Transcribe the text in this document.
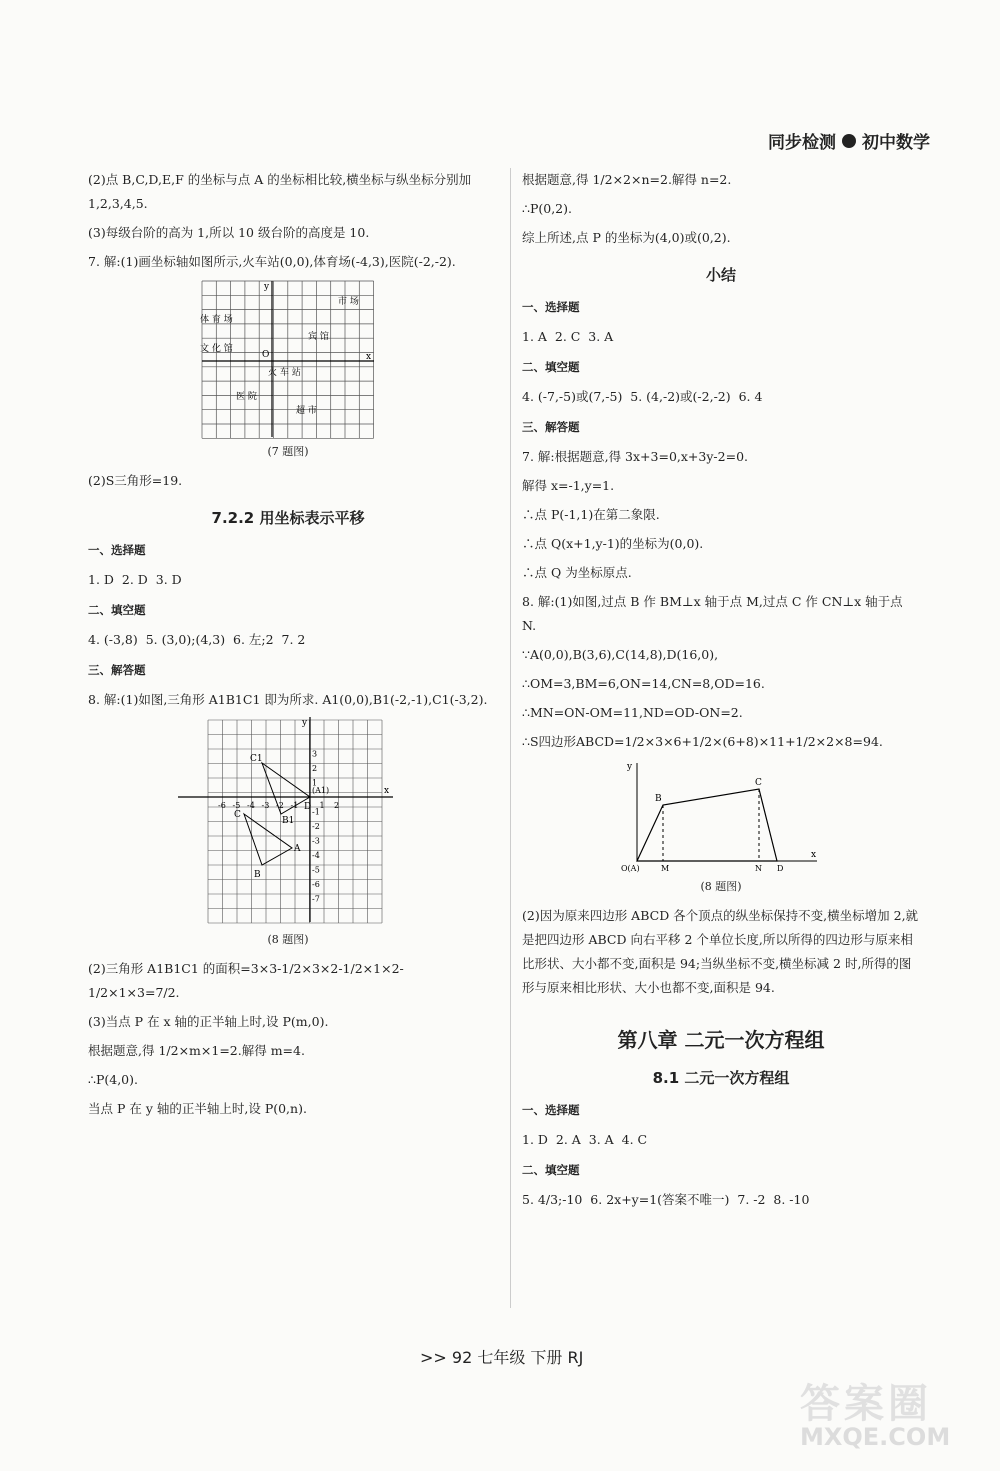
同步检测 初中数学

(2)点 B,C,D,E,F 的坐标与点 A 的坐标相比较,横坐标与纵坐标分别加 1,2,3,4,5.

(3)每级台阶的高为 1,所以 10 级台阶的高度是 10.

7. 解:(1)画坐标轴如图所示,火车站(0,0),体育场(-4,3),医院(-2,-2).

x
y
O
市 场
体 育 场
宾 馆
文 化 馆
火 车 站
医 院
超 市
(7 题图)

(2)S三角形=19.

7.2.2 用坐标表示平移
一、选择题

1. D  2. D  3. D

二、填空题

4. (-3,8)  5. (3,0);(4,3)  6. 左;2  7. 2

三、解答题

8. 解:(1)如图,三角形 A1B1C1 即为所求. A1(0,0),B1(-2,-1),C1(-3,2).

x
y
C1
B1
(A1)
D
C
A
B
-6 -5 -4 -3 -2 -1	1 2
3
2
1
-1
-2
-3
-4
-5
-6
-7
(8 题图)

(2)三角形 A1B1C1 的面积=3×3-1/2×3×2-1/2×1×2-1/2×1×3=7/2.

(3)当点 P 在 x 轴的正半轴上时,设 P(m,0).

根据题意,得 1/2×m×1=2.解得 m=4.

∴P(4,0).

当点 P 在 y 轴的正半轴上时,设 P(0,n).

根据题意,得 1/2×2×n=2.解得 n=2.

∴P(0,2).

综上所述,点 P 的坐标为(4,0)或(0,2).

小结
一、选择题

1. A  2. C  3. A

二、填空题

4. (-7,-5)或(7,-5)  5. (4,-2)或(-2,-2)  6. 4

三、解答题

7. 解:根据题意,得 3x+3=0,x+3y-2=0.

解得 x=-1,y=1.

∴点 P(-1,1)在第二象限.

∴点 Q(x+1,y-1)的坐标为(0,0).

∴点 Q 为坐标原点.

8. 解:(1)如图,过点 B 作 BM⊥x 轴于点 M,过点 C 作 CN⊥x 轴于点 N.

∵A(0,0),B(3,6),C(14,8),D(16,0),

∴OM=3,BM=6,ON=14,CN=8,OD=16.

∴MN=ON-OM=11,ND=OD-ON=2.

∴S四边形ABCD=1/2×3×6+1/2×(6+8)×11+1/2×2×8=94.

y
x
B
C
O(A)	M	N D
(8 题图)

(2)因为原来四边形 ABCD 各个顶点的纵坐标保持不变,横坐标增加 2,就是把四边形 ABCD 向右平移 2 个单位长度,所以所得的四边形与原来相比形状、大小都不变,面积是 94;当纵坐标不变,横坐标减 2 时,所得的图形与原来相比形状、大小也都不变,面积是 94.

第八章 二元一次方程组
8.1 二元一次方程组
一、选择题

1. D  2. A  3. A  4. C

二、填空题

5. 4/3;-10  6. 2x+y=1(答案不唯一)  7. -2  8. -10

>> 92 七年级 下册 RJ
答案圈
MXQE.COM
